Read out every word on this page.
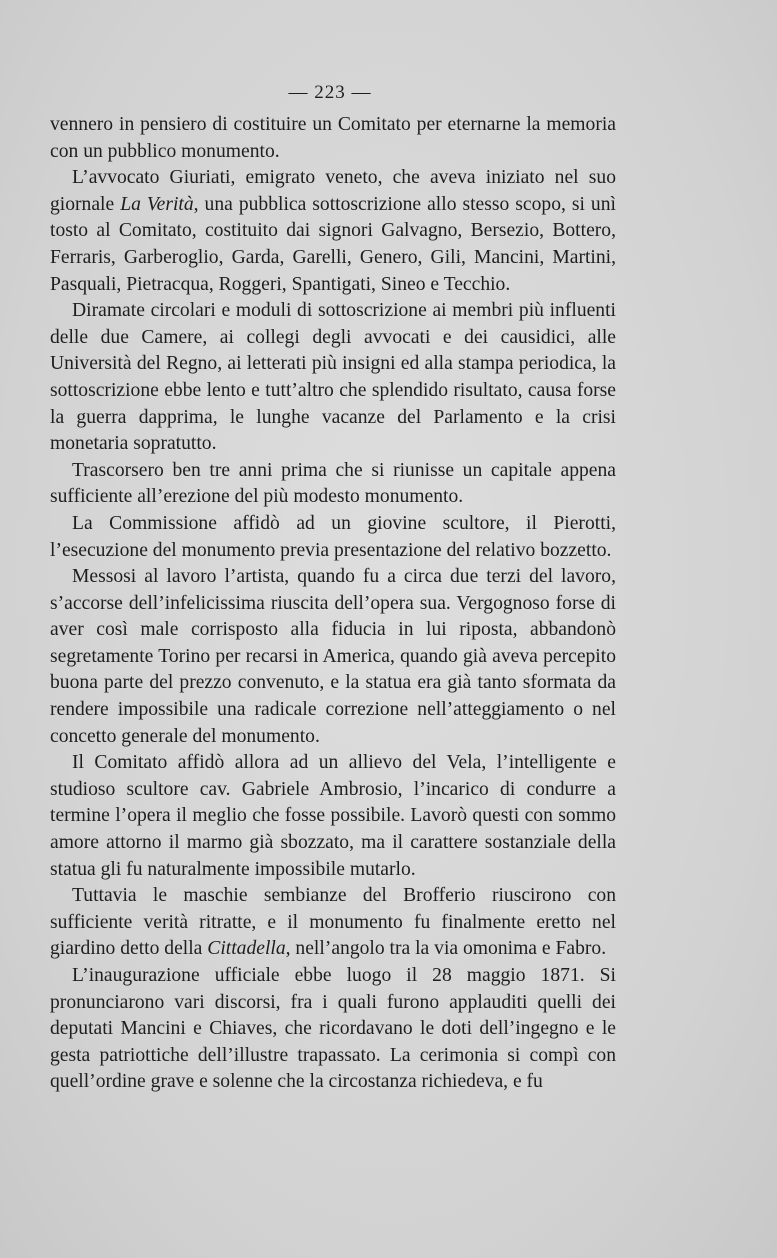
— 223 —

vennero in pensiero di costituire un Comitato per eternarne la memoria con un pubblico monumento.

L’avvocato Giuriati, emigrato veneto, che aveva iniziato nel suo giornale La Verità, una pubblica sottoscrizione allo stesso scopo, si unì tosto al Comitato, costituito dai signori Galvagno, Bersezio, Bottero, Ferraris, Garberoglio, Garda, Garelli, Genero, Gili, Mancini, Martini, Pasquali, Pietracqua, Roggeri, Spantigati, Sineo e Tecchio.

Diramate circolari e moduli di sottoscrizione ai membri più influenti delle due Camere, ai collegi degli avvocati e dei causidici, alle Università del Regno, ai letterati più insigni ed alla stampa periodica, la sottoscrizione ebbe lento e tutt’altro che splendido risultato, causa forse la guerra dapprima, le lunghe vacanze del Parlamento e la crisi monetaria sopratutto.

Trascorsero ben tre anni prima che si riunisse un capitale appena sufficiente all’erezione del più modesto monumento.

La Commissione affidò ad un giovine scultore, il Pierotti, l’esecuzione del monumento previa presentazione del relativo bozzetto.

Messosi al lavoro l’artista, quando fu a circa due terzi del lavoro, s’accorse dell’infelicissima riuscita dell’opera sua. Vergognoso forse di aver così male corrisposto alla fiducia in lui riposta, abbandonò segretamente Torino per recarsi in America, quando già aveva percepito buona parte del prezzo convenuto, e la statua era già tanto sformata da rendere impossibile una radicale correzione nell’atteggiamento o nel concetto generale del monumento.

Il Comitato affidò allora ad un allievo del Vela, l’intelligente e studioso scultore cav. Gabriele Ambrosio, l’incarico di condurre a termine l’opera il meglio che fosse possibile. Lavorò questi con sommo amore attorno il marmo già sbozzato, ma il carattere sostanziale della statua gli fu naturalmente impossibile mutarlo.

Tuttavia le maschie sembianze del Brofferio riuscirono con sufficiente verità ritratte, e il monumento fu finalmente eretto nel giardino detto della Cittadella, nell’angolo tra la via omonima e Fabro.

L’inaugurazione ufficiale ebbe luogo il 28 maggio 1871. Si pronunciarono vari discorsi, fra i quali furono applauditi quelli dei deputati Mancini e Chiaves, che ricordavano le doti dell’ingegno e le gesta patriottiche dell’illustre trapassato. La cerimonia si compì con quell’ordine grave e solenne che la circostanza richiedeva, e fu
